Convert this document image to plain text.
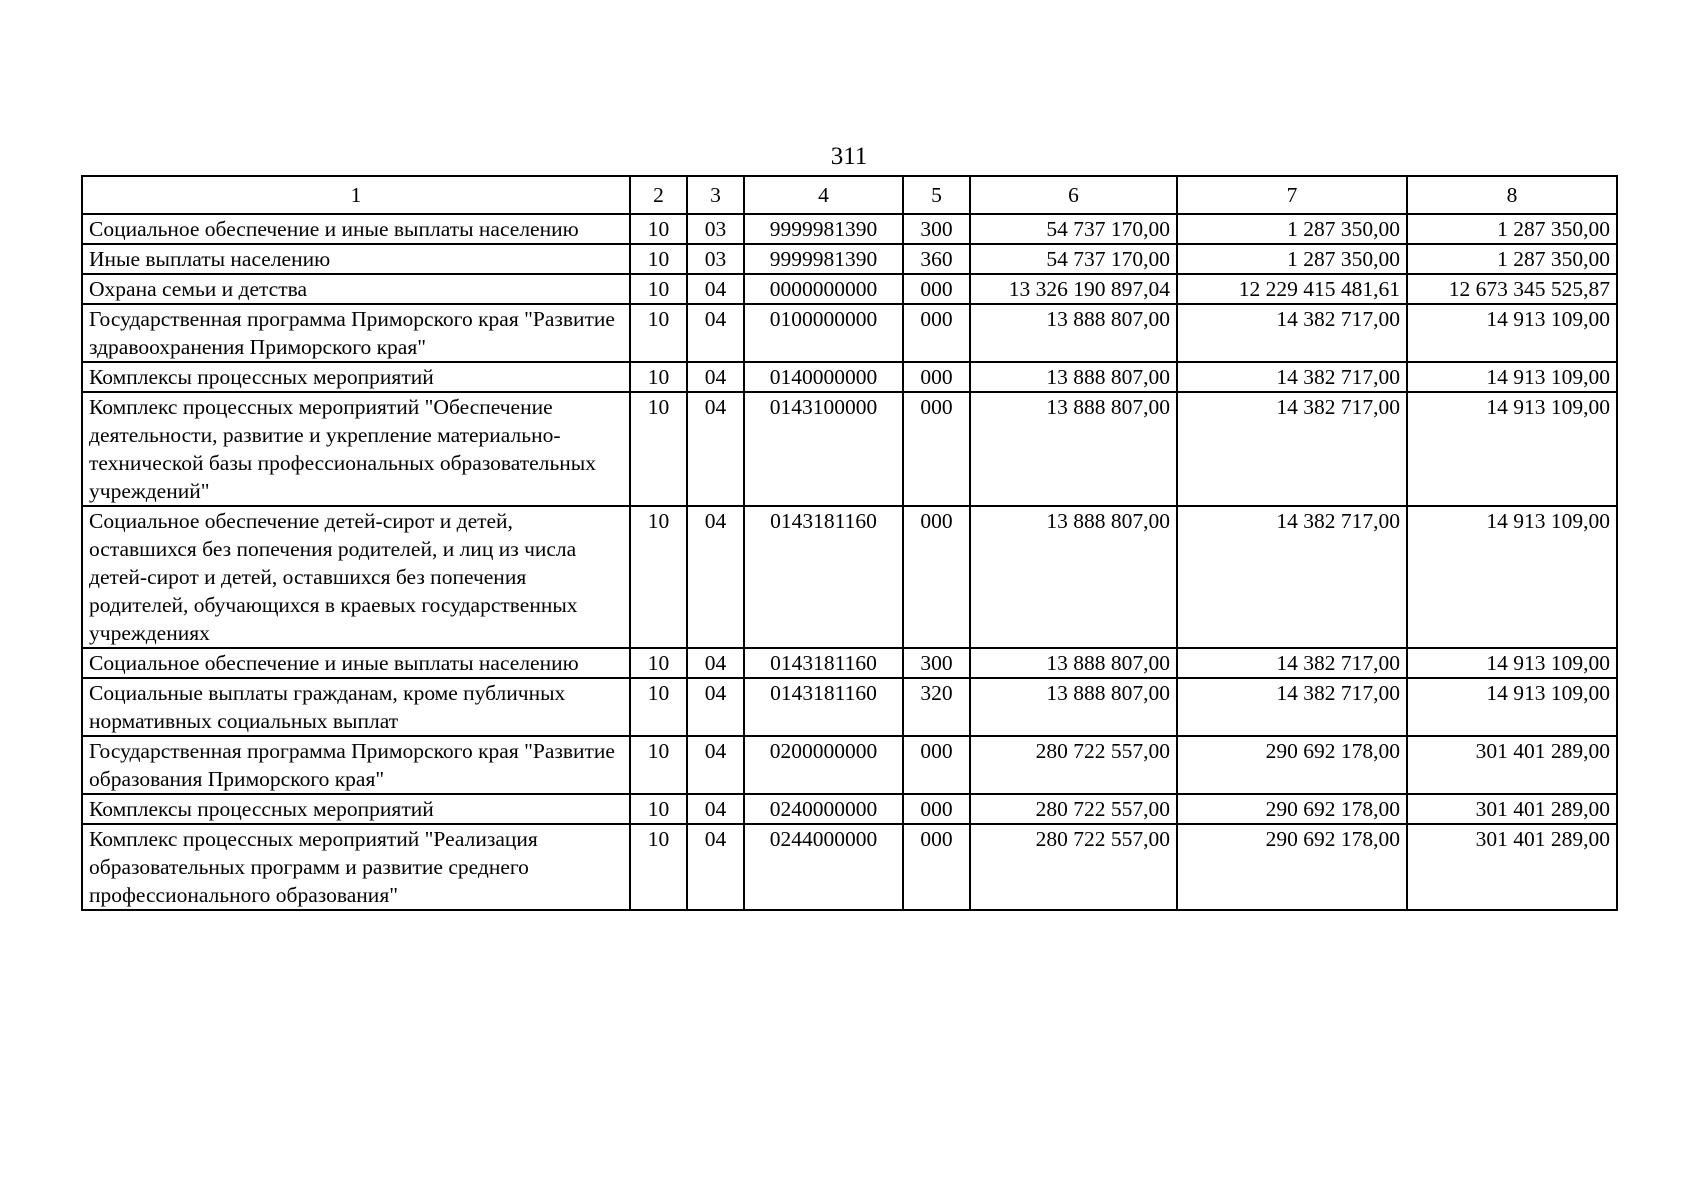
311
1	2	3	4	5	6	7	8
Социальное обеспечение и иные выплаты населению	10	03	9999981390	300	54 737 170,00	1 287 350,00	1 287 350,00
Иные выплаты населению	10	03	9999981390	360	54 737 170,00	1 287 350,00	1 287 350,00
Охрана семьи и детства	10	04	0000000000	000	13 326 190 897,04	12 229 415 481,61	12 673 345 525,87
Государственная программа Приморского края "Развитие здравоохранения Приморского края"	10	04	0100000000	000	13 888 807,00	14 382 717,00	14 913 109,00
Комплексы процессных мероприятий	10	04	0140000000	000	13 888 807,00	14 382 717,00	14 913 109,00
Комплекс процессных мероприятий "Обеспечение деятельности, развитие и укрепление материально-технической базы профессиональных образовательных учреждений"	10	04	0143100000	000	13 888 807,00	14 382 717,00	14 913 109,00
Социальное обеспечение детей-сирот и детей, оставшихся без попечения родителей, и лиц из числа детей-сирот и детей, оставшихся без попечения родителей, обучающихся в краевых государственных учреждениях	10	04	0143181160	000	13 888 807,00	14 382 717,00	14 913 109,00
Социальное обеспечение и иные выплаты населению	10	04	0143181160	300	13 888 807,00	14 382 717,00	14 913 109,00
Социальные выплаты гражданам, кроме публичных нормативных социальных выплат	10	04	0143181160	320	13 888 807,00	14 382 717,00	14 913 109,00
Государственная программа Приморского края "Развитие образования Приморского края"	10	04	0200000000	000	280 722 557,00	290 692 178,00	301 401 289,00
Комплексы процессных мероприятий	10	04	0240000000	000	280 722 557,00	290 692 178,00	301 401 289,00
Комплекс процессных мероприятий "Реализация образовательных программ и развитие среднего профессионального образования"	10	04	0244000000	000	280 722 557,00	290 692 178,00	301 401 289,00
